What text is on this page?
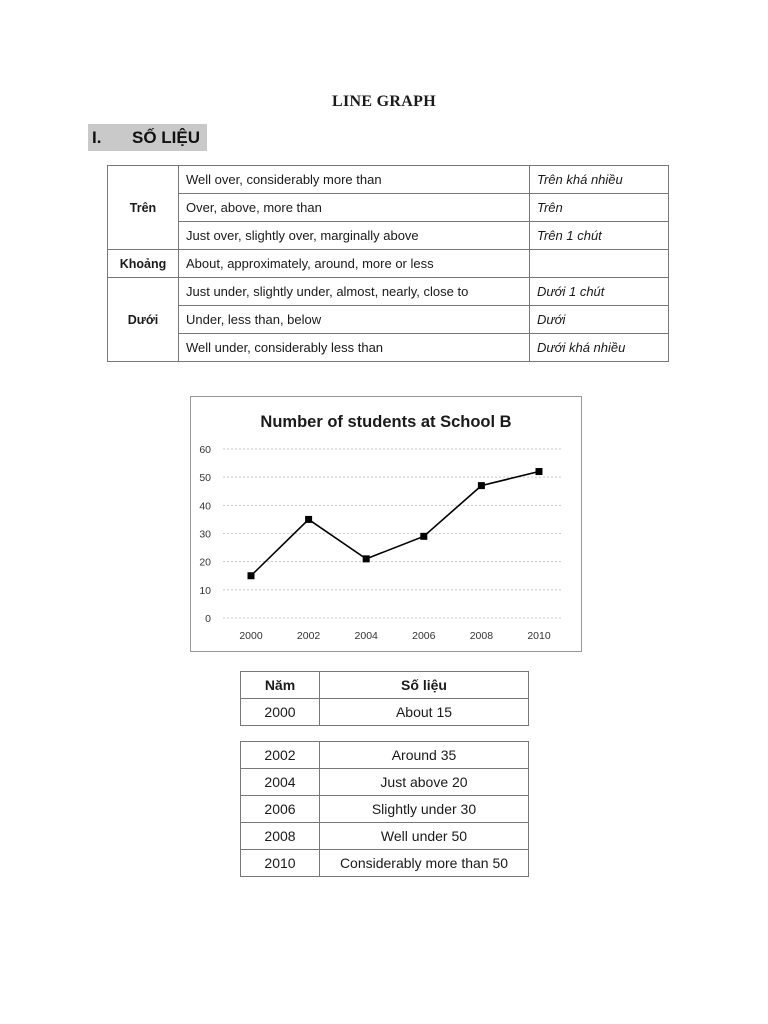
LINE GRAPH
I. SỐ LIỆU
Trên	Well over, considerably more than	Trên khá nhiều
	Over, above, more than	Trên
	Just over, slightly over, marginally above	Trên 1 chút
Khoảng	About, approximately, around, more or less	
Dưới	Just under, slightly under, almost, nearly, close to	Dưới 1 chút
	Under, less than, below	Dưới
	Well under, considerably less than	Dưới khá nhiều
Number of students at School B
0
10
20
30
40
50
60
2000	2002	2004	2006	2008	2010
Năm	Số liệu
2000	About 15
2002	Around 35
2004	Just above 20
2006	Slightly under 30
2008	Well under 50
2010	Considerably more than 50
